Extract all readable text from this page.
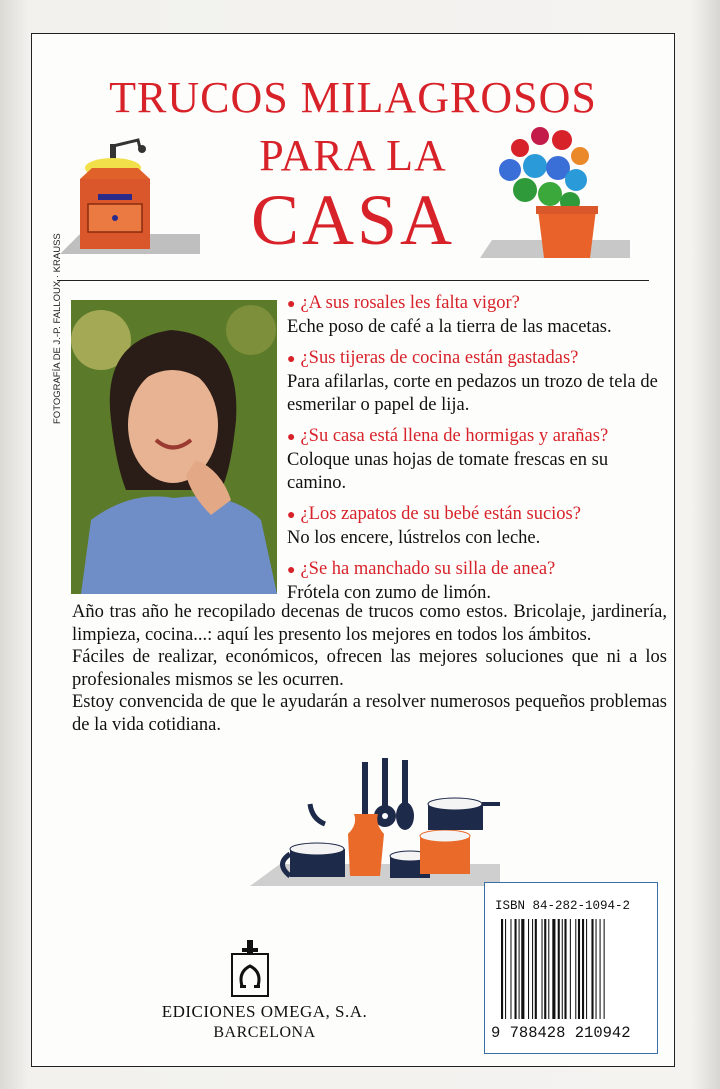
TRUCOS MILAGROSOS
PARA LA
CASA
FOTOGRAFÍA DE J.-P. FALLOUX · KRAUSS	● ¿A sus rosales les falta vigor?
Eche poso de café a la tierra de las macetas.
● ¿Sus tijeras de cocina están gastadas?
Para afilarlas, corte en pedazos un trozo de tela de esmerilar o papel de lija.
● ¿Su casa está llena de hormigas y arañas?
Coloque unas hojas de tomate frescas en su camino.
● ¿Los zapatos de su bebé están sucios?
No los encere, lústrelos con leche.
● ¿Se ha manchado su silla de anea?
Frótela con zumo de limón.

Año tras año he recopilado decenas de trucos como estos. Bricolaje, jardinería, limpieza, cocina...: aquí les presento los mejores en todos los ámbitos.

Fáciles de realizar, económicos, ofrecen las mejores soluciones que ni a los profesionales mismos se les ocurren.

Estoy convencida de que le ayudarán a resolver numerosos pequeños problemas de la vida cotidiana.

EDICIONES OMEGA, S.A.
BARCELONA
ISBN 84-282-1094-2
9 788428 210942
